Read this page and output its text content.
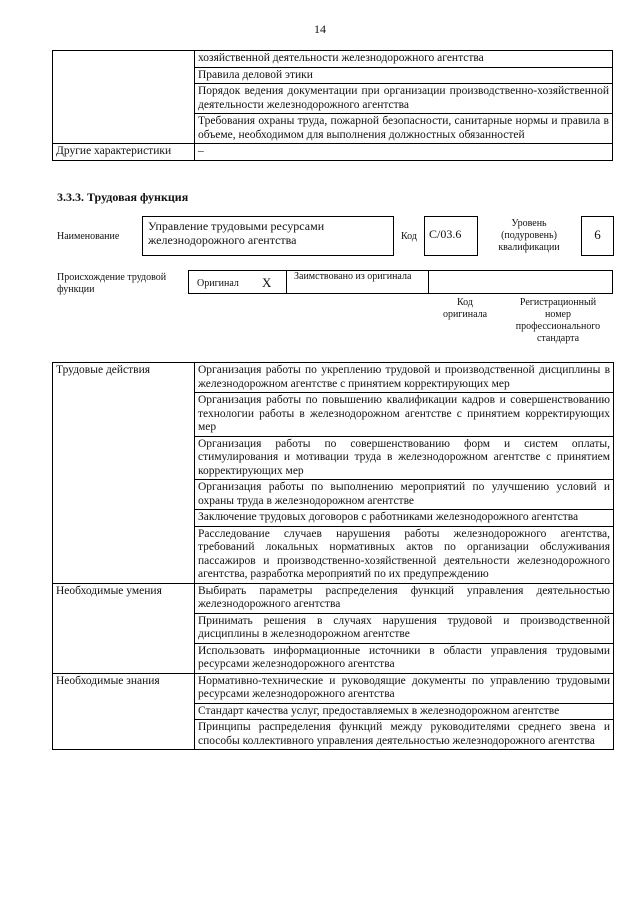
14
	хозяйственной деятельности железнодорожного агентства
	Правила деловой этики
	Порядок ведения документации при организации производственно-хозяйственной деятельности железнодорожного агентства
	Требования охраны труда, пожарной безопасности, санитарные нормы и правила в объеме, необходимом для выполнения должностных обязанностей
Другие характеристики	–
3.3.3. Трудовая функция
Наименование
Управление трудовыми ресурсами железнодорожного агентства	Код	С/03.6
Уровень (подуровень) квалификации
6
Происхождение трудовой функции
Оригинал X Заимствовано из оригинала
Код оригинала
Регистрационный номер профессионального стандарта
Трудовые действия	Организация работы по укреплению трудовой и производственной дисциплины в железнодорожном агентстве с принятием корректирующих мер
	Организация работы по повышению квалификации кадров и совершенствованию технологии работы в железнодорожном агентстве с принятием корректирующих мер
	Организация работы по совершенствованию форм и систем оплаты, стимулирования и мотивации труда в железнодорожном агентстве с принятием корректирующих мер
	Организация работы по выполнению мероприятий по улучшению условий и охраны труда в железнодорожном агентстве
	Заключение трудовых договоров с работниками железнодорожного агентства
	Расследование случаев нарушения работы железнодорожного агентства, требований локальных нормативных актов по организации обслуживания пассажиров и производственно-хозяйственной деятельности железнодорожного агентства, разработка мероприятий по их предупреждению
Необходимые умения	Выбирать параметры распределения функций управления деятельностью железнодорожного агентства
	Принимать решения в случаях нарушения трудовой и производственной дисциплины в железнодорожном агентстве
	Использовать информационные источники в области управления трудовыми ресурсами железнодорожного агентства
Необходимые знания	Нормативно-технические и руководящие документы по управлению трудовыми ресурсами железнодорожного агентства
	Стандарт качества услуг, предоставляемых в железнодорожном агентстве
	Принципы распределения функций между руководителями среднего звена и способы коллективного управления деятельностью железнодорожного агентства
